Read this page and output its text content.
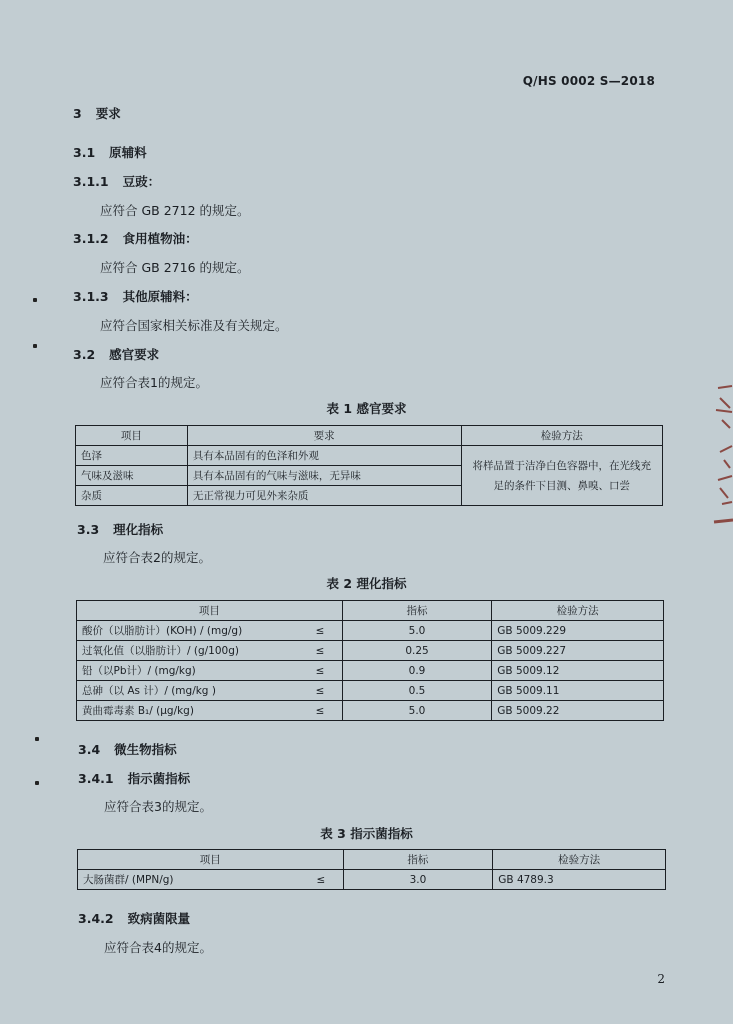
Q/HS 0002 S—2018
3 要求
3.1 原辅料
3.1.1 豆豉：
应符合 GB 2712 的规定。
3.1.2 食用植物油：
应符合 GB 2716 的规定。
3.1.3 其他原辅料：
应符合国家相关标准及有关规定。
3.2 感官要求
应符合表1的规定。
表 1 感官要求
项目	要求	检验方法
色泽	具有本品固有的色泽和外观	将样品置于洁净白色容器中，在光线充足的条件下目测、鼻嗅、口尝
气味及滋味	具有本品固有的气味与滋味，无异味	
杂质	无正常视力可见外来杂质	
3.3 理化指标
应符合表2的规定。
表 2 理化指标
项目		指标	检验方法
酸价（以脂肪计）(KOH) / (mg/g)	≤	5.0	GB 5009.229
过氧化值（以脂肪计）/ (g/100g)	≤	0.25	GB 5009.227
铅（以Pb计）/ (mg/kg)	≤	0.9	GB 5009.12
总砷（以 As 计）/ (mg/kg )	≤	0.5	GB 5009.11
黄曲霉毒素 B₁/ (μg/kg)	≤	5.0	GB 5009.22
3.4 微生物指标
3.4.1 指示菌指标
应符合表3的规定。
表 3 指示菌指标
项目		指标	检验方法
大肠菌群/ (MPN/g)	≤	3.0	GB 4789.3
3.4.2 致病菌限量
应符合表4的规定。
2
